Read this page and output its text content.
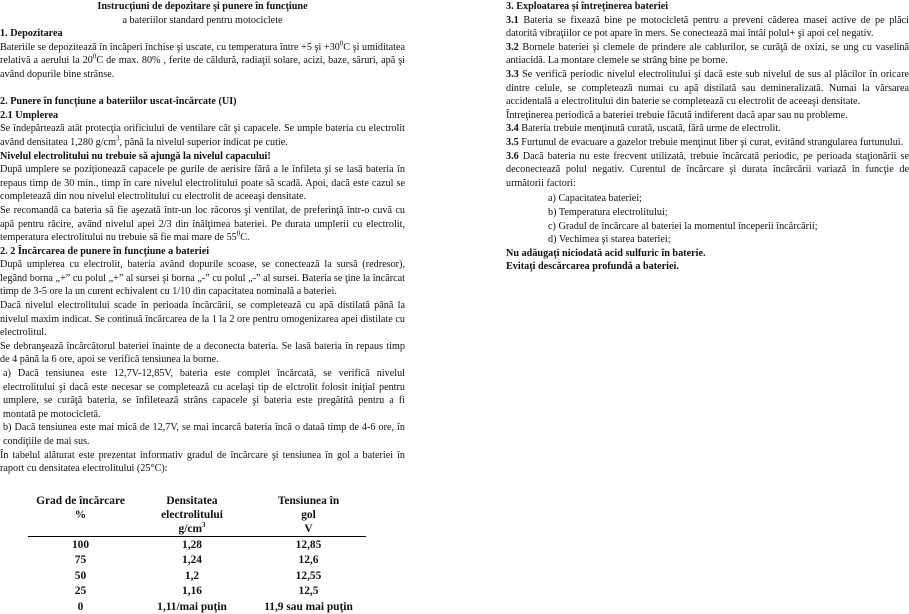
Instrucţiuni de depozitare şi punere în funcţiune

a bateriilor standard pentru motociclete

1. Depozitarea

Bateriile se depozitează în încăperi închise şi uscate, cu temperatura între +5 şi $+30^0C$ şi umiditatea relativă a aerului la $20^0C$ de max. 80% , ferite de căldură, radiaţii solare, acizi, baze, săruri, apă şi având dopurile bine strânse.

2. Punere în funcţiune a bateriilor uscat-încărcate (UI)

2.1 Umplerea

Se îndepărtează atât protecţia orificiului de ventilare cât şi capacele. Se umple bateria cu electrolit având densitatea 1,280 $g/cm^3$, până la nivelul superior indicat pe cutie.

Nivelul electrolitului nu trebuie să ajungă la nivelul capacului!

După umplere se poziţionează capacele pe gurile de aerisire fără a le înfileta şi se lasă bateria în repaus timp de 30 min., timp în care nivelul electrolitului poate să scadă. Apoi, dacă este cazul se completează din nou nivelul electrolitului cu electrolit de aceeaşi densitate.

Se recomandă ca bateria să fie aşezată într-un loc răcoros şi ventilat, de preferinţă într-o cuvă cu apă pentru răcire, având nivelul apei 2/3 din înălţimea bateriei. Pe durata umplerii cu electrolit, temperatura electrolitului nu trebuie să fie mai mare de $55^0C$.

2. 2 Încărcarea de punere în funcţiune a bateriei

După umplerea cu electrolit, bateria având dopurile scoase, se conectează la sursă (redresor), legând borna „+” cu polul „+” al sursei şi borna „-” cu polul „-” al sursei. Bateria se ţine la încărcat timp de 3-5 ore la un curent echivalent cu 1/10 din capacitatea nominală a bateriei.

Dacă nivelul electrolitului scade în perioada încărcării, se completează cu apă distilată până la nivelul maxim indicat. Se continuă încărcarea de la 1 la 2 ore pentru omogenizarea apei distilate cu electrolitul.

Se debranşează încărcătorul bateriei înainte de a deconecta bateria. Se lasă bateria în repaus timp de 4 până la 6 ore, apoi se verifică tensiunea la borne.

a) Dacă tensiunea este 12,7V-12,85V, bateria este complet încărcată, se verifică nivelul electrolitului şi dacă este necesar se completează cu acelaşi tip de elctrolit folosit iniţial pentru umplere, se curăţă bateria, se înfiletează strâns capacele şi bateria este pregătită pentru a fi montată pe motocicletă.

b) Dacă tensiunea este mai mică de 12,7V, se mai incarcă bateria încă o dataă timp de 4-6 ore, în condiţiile de mai sus.

În tabelul alăturat este prezentat informativ gradul de încărcare şi tensiunea în gol a bateriei în raport cu densitatea electrolitului (25°C):

Grad de încărcare
%	Densitatea
electrolitului
$g/cm^3$	Tensiunea în
gol
V

100	1,28	12,85
75	1,24	12,6
50	1,2	12,55
25	1,16	12,5
0	1,11/mai puţin	11,9 sau mai puţin

3. Exploatarea şi întreţinerea bateriei

3.1 Bateria se fixează bine pe motocicletă pentru a preveni căderea masei active de pe plăci datorită vibraţiilor ce pot apare în mers. Se conectează mai întâi polul+ şi apoi cel negativ.

3.2 Bornele bateriei şi clemele de prindere ale cablurilor, se curăţă de oxizi, se ung cu vaselină antiacidă. La montare clemele se strâng bine pe borne.

3.3 Se verifică periodic nivelul electrolitului şi dacă este sub nivelul de sus al plăcilor în oricare dintre celule, se completează numai cu apă distilată sau demineralizată. Numai la vărsarea accidentală a electrolitului din baterie se completează cu electrolit de aceeaşi densitate.

Întreţinerea periodică a bateriei trebuie făcută indiferent dacă apar sau nu probleme.

3.4 Bateria trebuie menţinută curată, uscată, fără urme de electrolit.

3.5 Furtunul de evacuare a gazelor trebuie menţinut liber şi curat, evitând strangularea furtunului.

3.6 Dacă bateria nu este frecvent utilizată, trebuie încărcată periodic, pe perioada staţionării se deconectează polul negativ. Curentul de încărcare şi durata încărcării variază în funcţie de următorii factori:

a) Capacitatea bateriei;

b) Temperatura electrolitului;

c) Gradul de încărcare al bateriei la momentul începerii încărcării;

d) Vechimea şi starea bateriei;

Nu adăugaţi niciodată acid sulfuric în baterie.

Evitaţi descărcarea profundă a bateriei.
